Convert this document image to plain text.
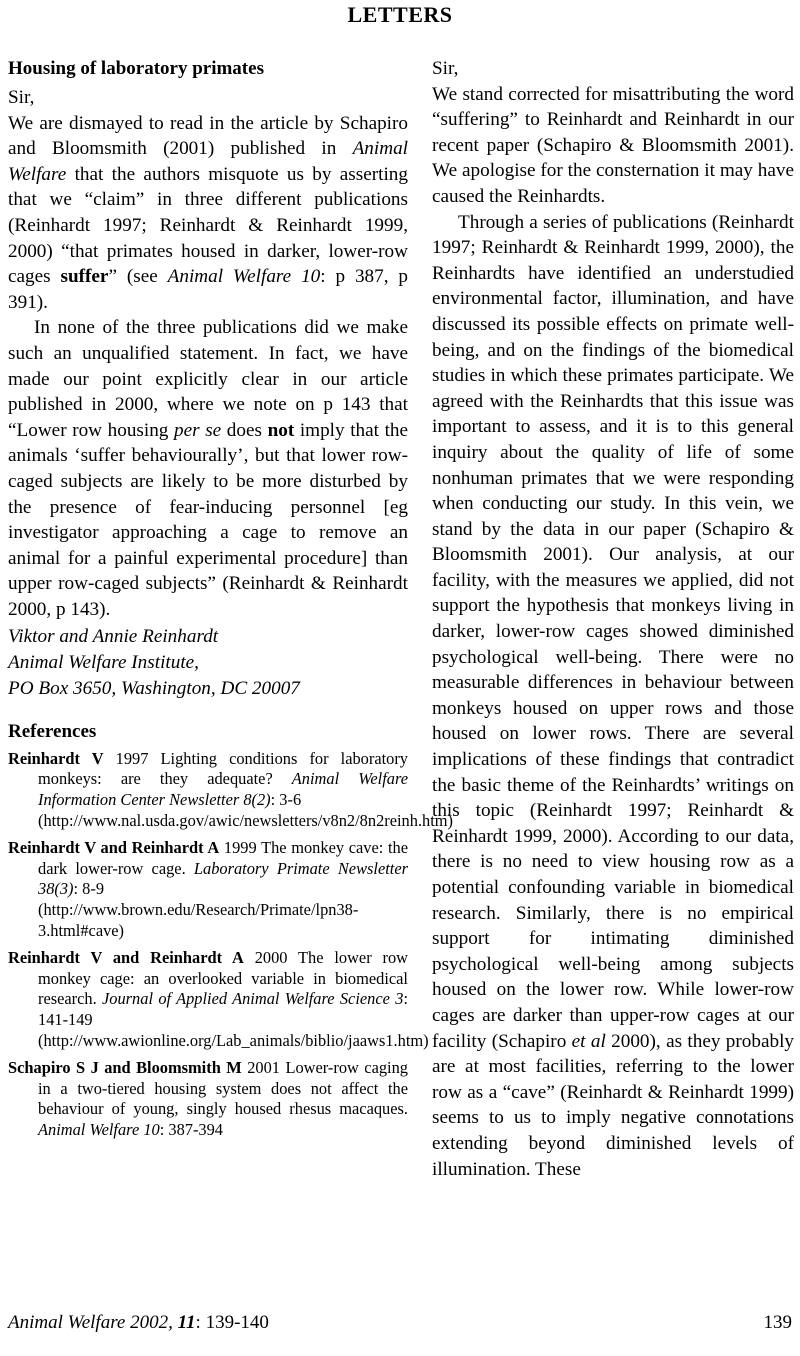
LETTERS
Housing of laboratory primates

Sir,

We are dismayed to read in the article by Schapiro and Bloomsmith (2001) published in Animal Welfare that the authors misquote us by asserting that we “claim” in three different publications (Reinhardt 1997; Reinhardt & Reinhardt 1999, 2000) “that primates housed in darker, lower-row cages suffer” (see Animal Welfare 10: p 387, p 391).

In none of the three publications did we make such an unqualified statement. In fact, we have made our point explicitly clear in our article published in 2000, where we note on p 143 that “Lower row housing per se does not imply that the animals ‘suffer behaviourally’, but that lower row-caged subjects are likely to be more disturbed by the presence of fear-inducing personnel [eg investigator approaching a cage to remove an animal for a painful experimental procedure] than upper row-caged subjects” (Reinhardt & Reinhardt 2000, p 143).

Viktor and Annie Reinhardt
Animal Welfare Institute,
PO Box 3650, Washington, DC 20007
References

Reinhardt V 1997 Lighting conditions for laboratory monkeys: are they adequate? Animal Welfare Information Center Newsletter 8(2): 3-6
(http://www.nal.usda.gov/awic/newsletters/v8n2/8n2reinh.htm)

Reinhardt V and Reinhardt A 1999 The monkey cave: the dark lower-row cage. Laboratory Primate Newsletter 38(3): 8-9
(http://www.brown.edu/Research/Primate/lpn38-3.html#cave)

Reinhardt V and Reinhardt A 2000 The lower row monkey cage: an overlooked variable in biomedical research. Journal of Applied Animal Welfare Science 3: 141-149
(http://www.awionline.org/Lab_animals/biblio/jaaws1.htm)

Schapiro S J and Bloomsmith M 2001 Lower-row caging in a two-tiered housing system does not affect the behaviour of young, singly housed rhesus macaques. Animal Welfare 10: 387-394

Sir,

We stand corrected for misattributing the word “suffering” to Reinhardt and Reinhardt in our recent paper (Schapiro & Bloomsmith 2001). We apologise for the consternation it may have caused the Reinhardts.

Through a series of publications (Reinhardt 1997; Reinhardt & Reinhardt 1999, 2000), the Reinhardts have identified an understudied environmental factor, illumination, and have discussed its possible effects on primate well-being, and on the findings of the biomedical studies in which these primates participate. We agreed with the Reinhardts that this issue was important to assess, and it is to this general inquiry about the quality of life of some nonhuman primates that we were responding when conducting our study. In this vein, we stand by the data in our paper (Schapiro & Bloomsmith 2001). Our analysis, at our facility, with the measures we applied, did not support the hypothesis that monkeys living in darker, lower-row cages showed diminished psychological well-being. There were no measurable differences in behaviour between monkeys housed on upper rows and those housed on lower rows. There are several implications of these findings that contradict the basic theme of the Reinhardts’ writings on this topic (Reinhardt 1997; Reinhardt & Reinhardt 1999, 2000). According to our data, there is no need to view housing row as a potential confounding variable in biomedical research. Similarly, there is no empirical support for intimating diminished psychological well-being among subjects housed on the lower row. While lower-row cages are darker than upper-row cages at our facility (Schapiro et al 2000), as they probably are at most facilities, referring to the lower row as a “cave” (Reinhardt & Reinhardt 1999) seems to us to imply negative connotations extending beyond diminished levels of illumination. These

Animal Welfare 2002, 11: 139-140	139
